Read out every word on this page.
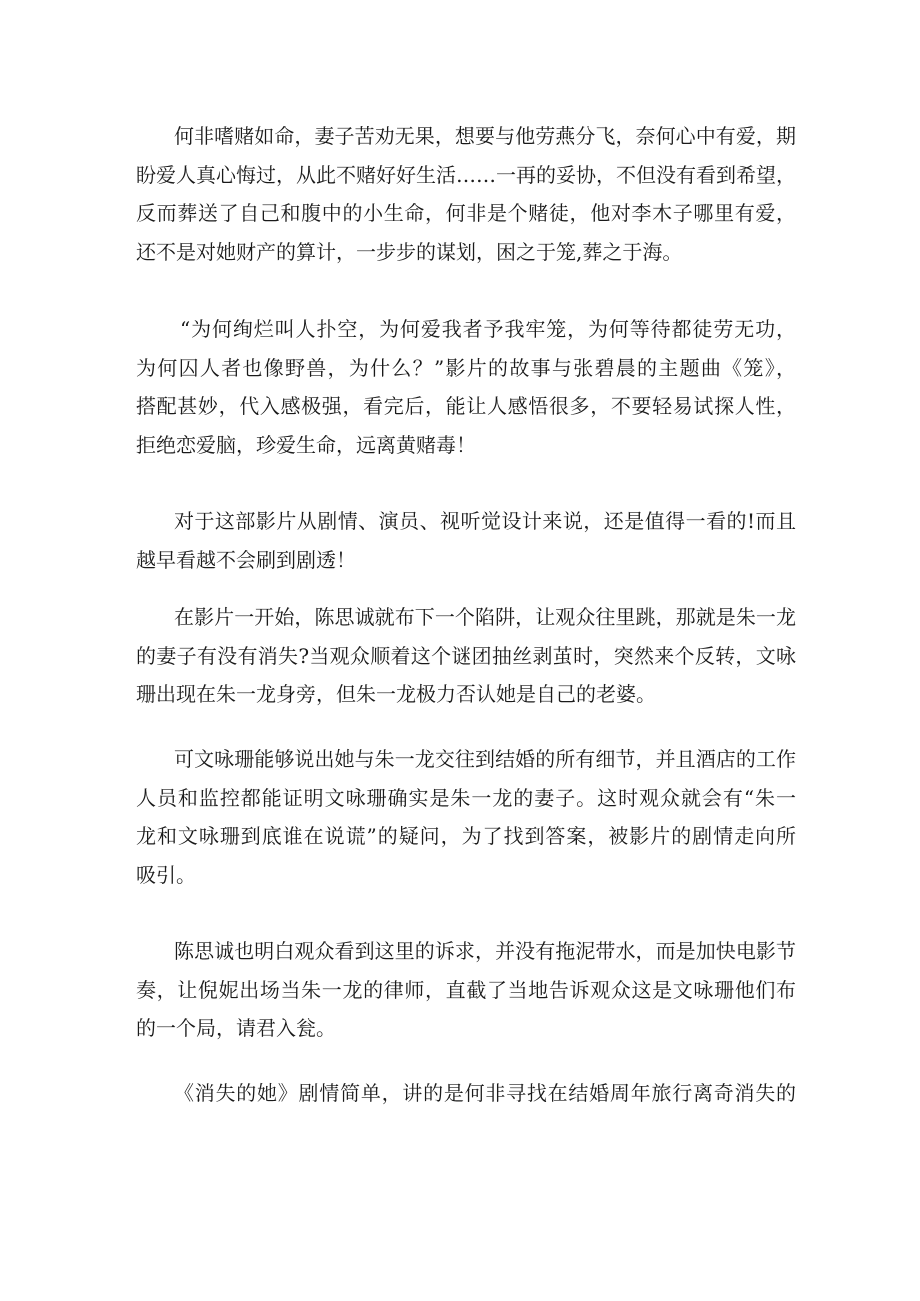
何非嗜赌如命，妻子苦劝无果，想要与他劳燕分飞，奈何心中有爱，期
盼爱人真心悔过，从此不赌好好生活……一再的妥协，不但没有看到希望，
反而葬送了自己和腹中的小生命，何非是个赌徒，他对李木子哪里有爱，
还不是对她财产的算计，一步步的谋划，困之于笼,葬之于海。

“为何绚烂叫人扑空，为何爱我者予我牢笼，为何等待都徒劳无功，
为何囚人者也像野兽，为什么？”影片的故事与张碧晨的主题曲《笼》，
搭配甚妙，代入感极强，看完后，能让人感悟很多，不要轻易试探人性，
拒绝恋爱脑，珍爱生命，远离黄赌毒！

对于这部影片从剧情、演员、视听觉设计来说，还是值得一看的!而且
越早看越不会刷到剧透！

在影片一开始，陈思诚就布下一个陷阱，让观众往里跳，那就是朱一龙
的妻子有没有消失?当观众顺着这个谜团抽丝剥茧时，突然来个反转，文咏
珊出现在朱一龙身旁，但朱一龙极力否认她是自己的老婆。

可文咏珊能够说出她与朱一龙交往到结婚的所有细节，并且酒店的工作
人员和监控都能证明文咏珊确实是朱一龙的妻子。这时观众就会有“朱一
龙和文咏珊到底谁在说谎”的疑问，为了找到答案，被影片的剧情走向所
吸引。

陈思诚也明白观众看到这里的诉求，并没有拖泥带水，而是加快电影节
奏，让倪妮出场当朱一龙的律师，直截了当地告诉观众这是文咏珊他们布
的一个局，请君入瓮。

《消失的她》剧情简单，讲的是何非寻找在结婚周年旅行离奇消失的
